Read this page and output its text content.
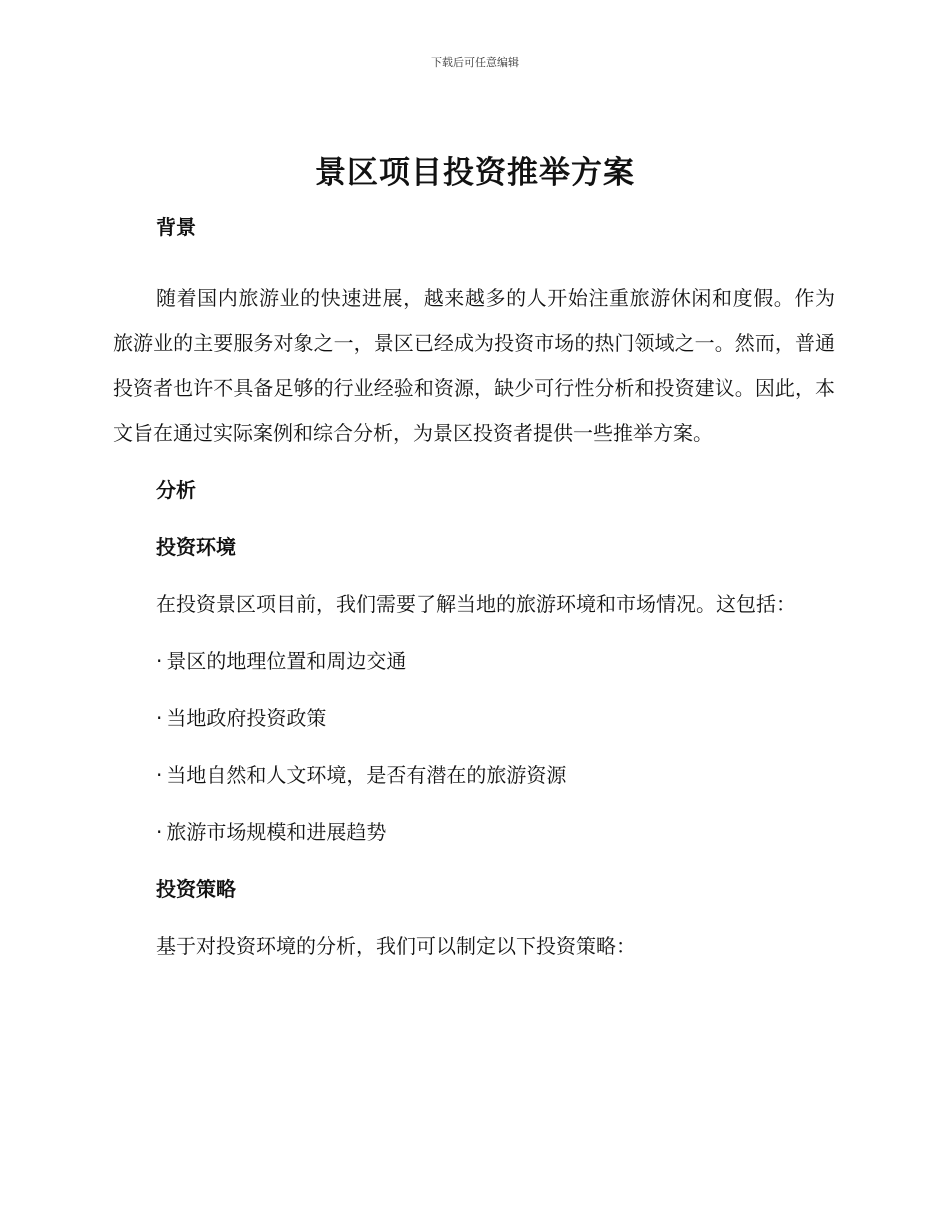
下载后可任意编辑
景区项目投资推举方案
背景
随着国内旅游业的快速进展，越来越多的人开始注重旅游休闲和度假。作为旅游业的主要服务对象之一，景区已经成为投资市场的热门领域之一。然而，普通投资者也许不具备足够的行业经验和资源，缺少可行性分析和投资建议。因此，本文旨在通过实际案例和综合分析，为景区投资者提供一些推举方案。
分析
投资环境
在投资景区项目前，我们需要了解当地的旅游环境和市场情况。这包括：
· 景区的地理位置和周边交通
· 当地政府投资政策
· 当地自然和人文环境，是否有潜在的旅游资源
· 旅游市场规模和进展趋势
投资策略
基于对投资环境的分析，我们可以制定以下投资策略：
